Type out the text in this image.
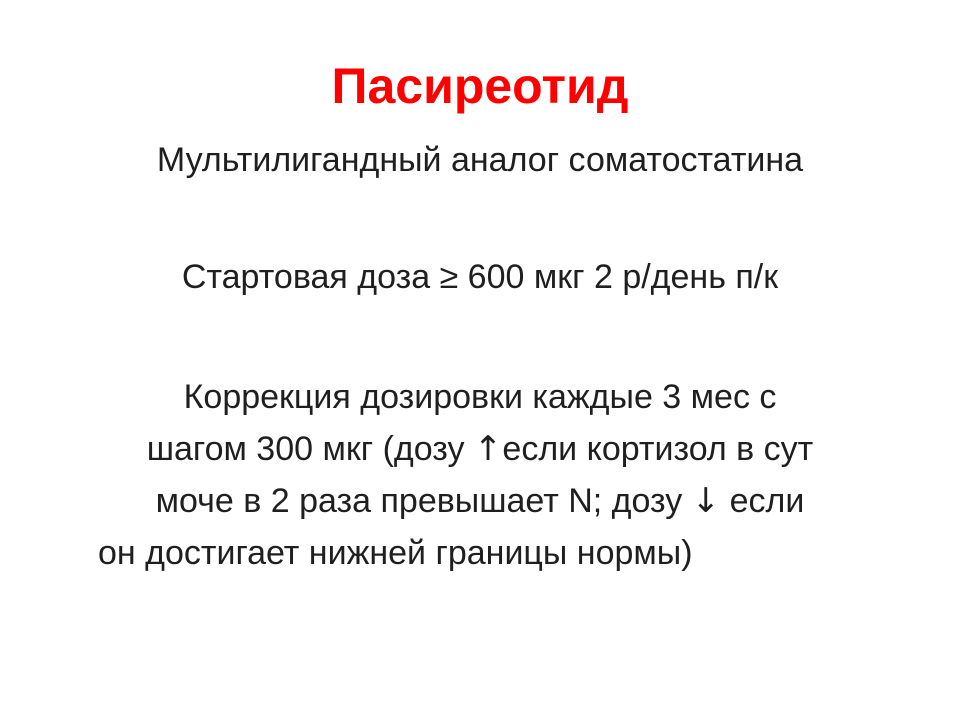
Пасиреотид
Мультилигандный аналог соматостатина
Стартовая доза ≥ 600 мкг 2 р/день п/к
Коррекция дозировки каждые 3 мес с
шагом 300 мкг (дозу ↑если кортизол в сут
моче в 2 раза превышает N; дозу ↓ если
он достигает нижней границы нормы)
